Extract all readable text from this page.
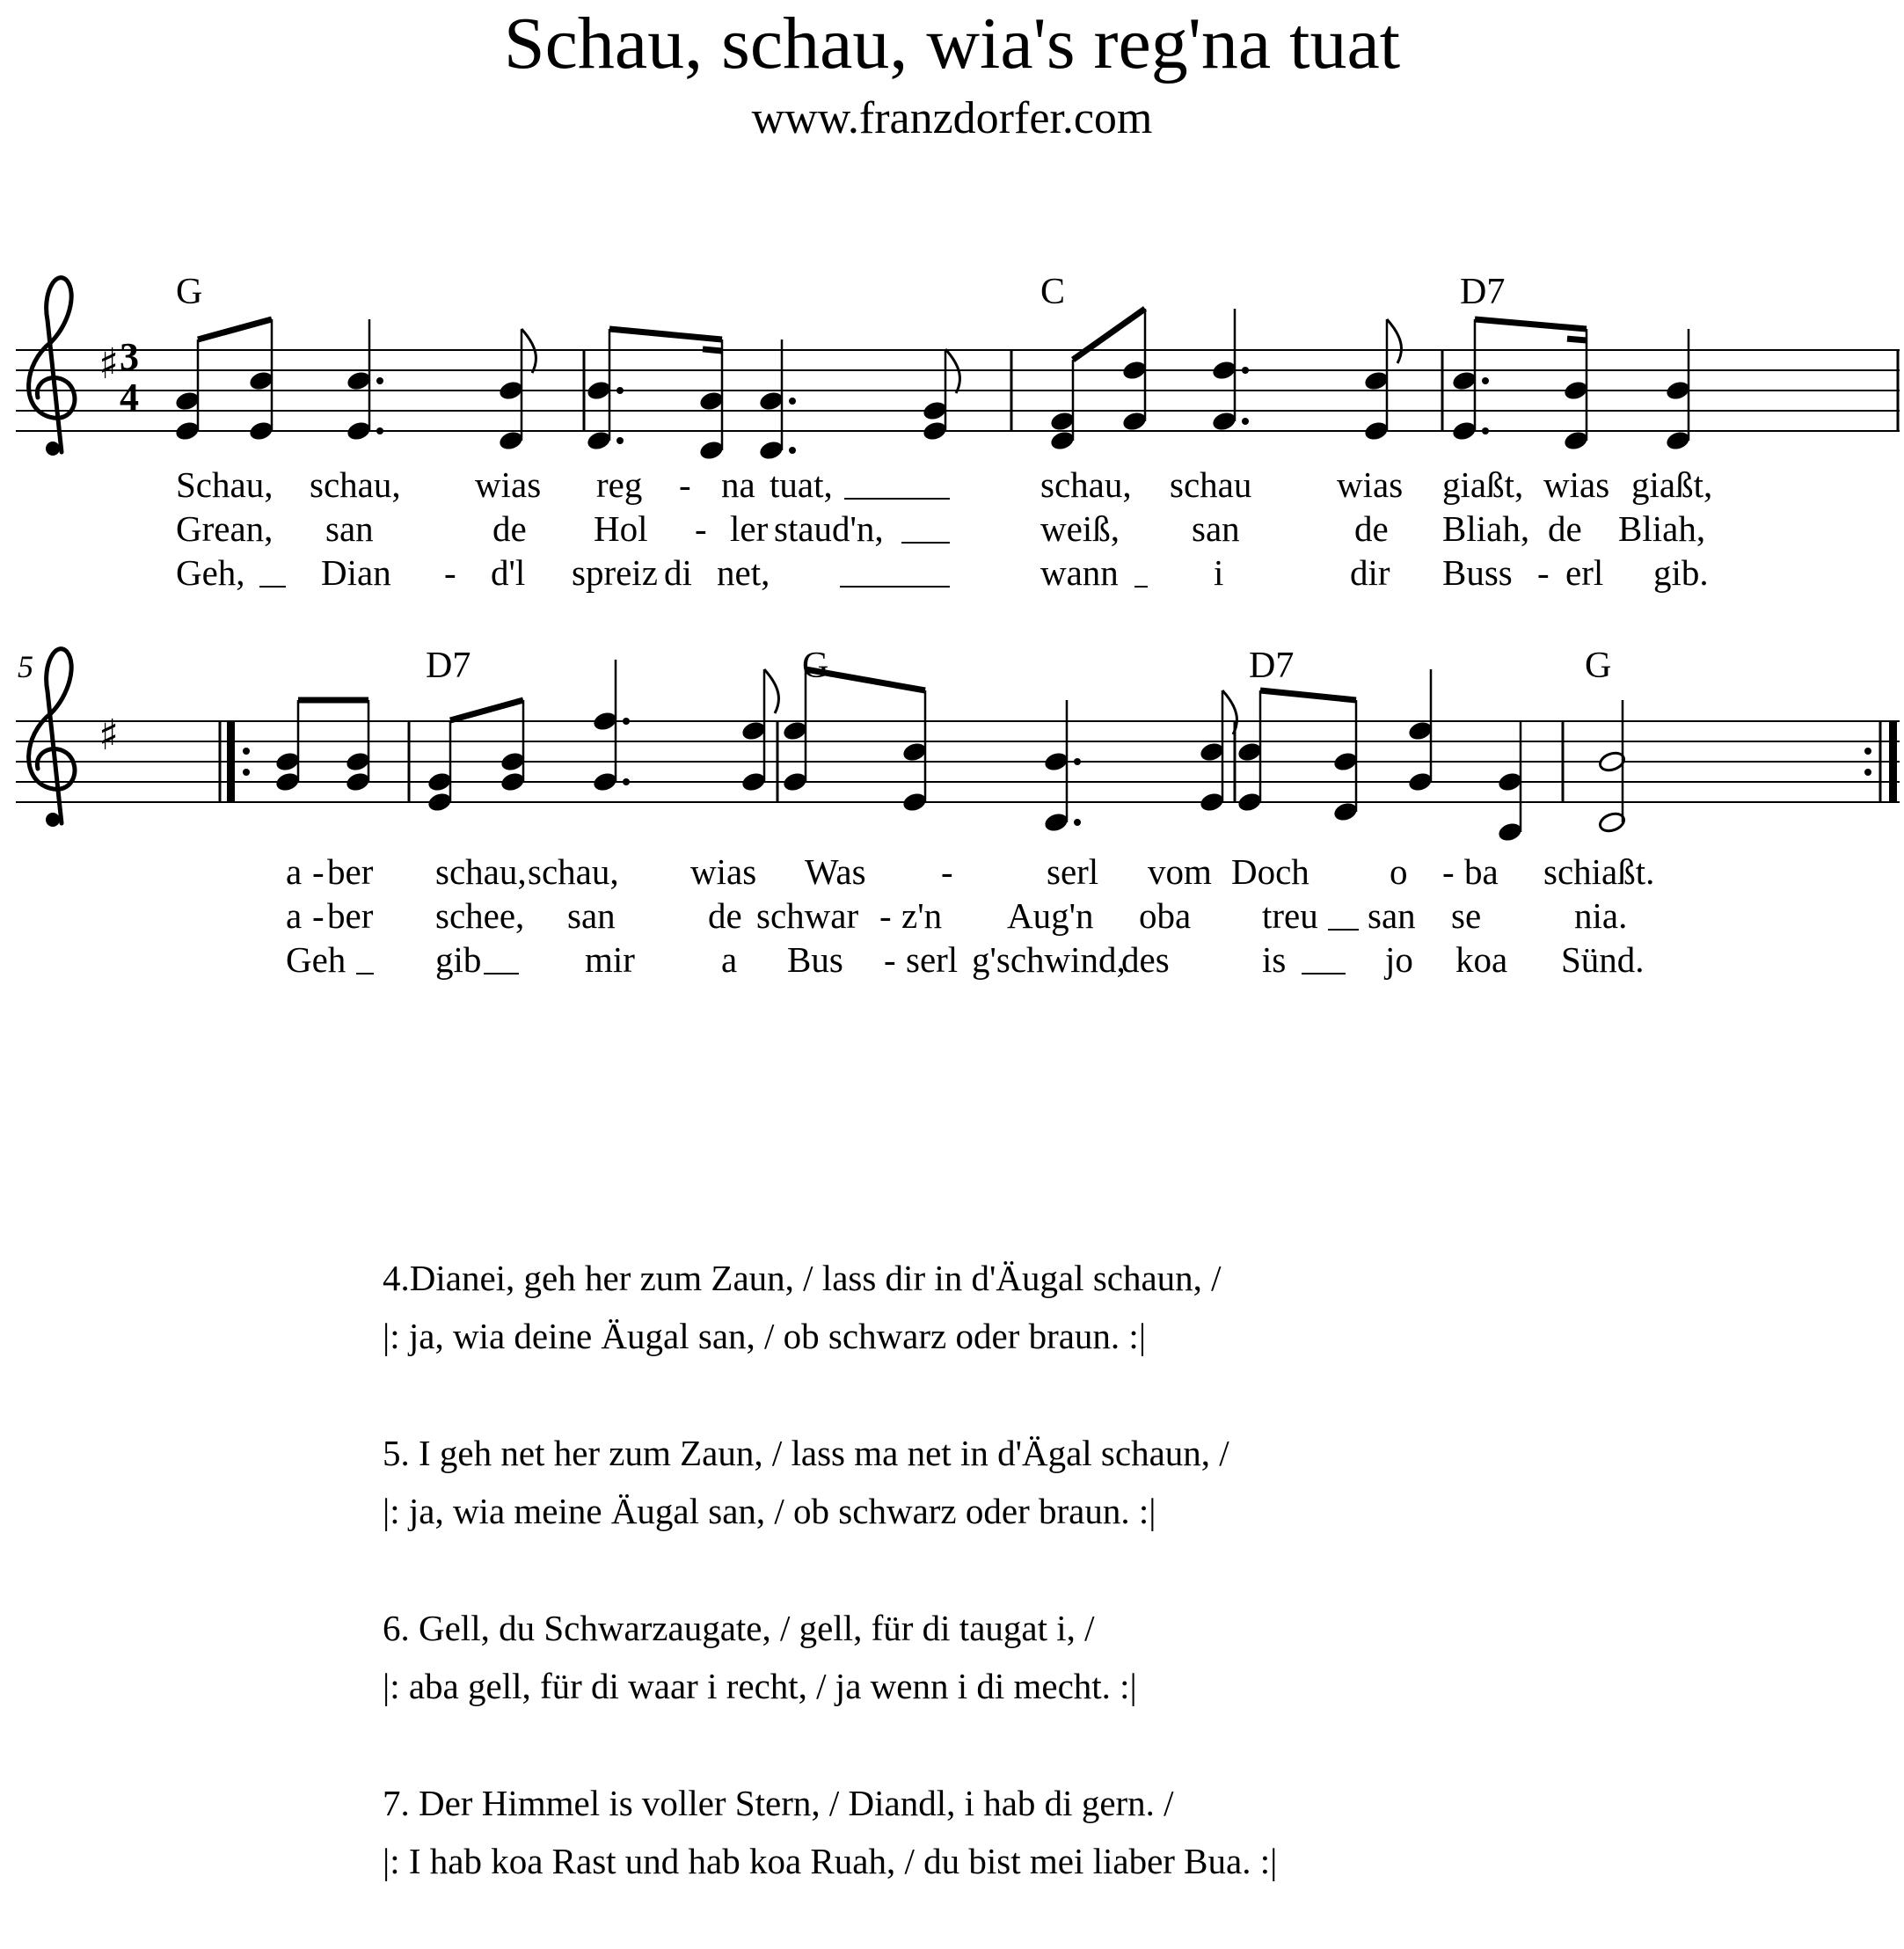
Schau, schau, wia's reg'na tuat
www.franzdorfer.com
♯ 3
4
G	C	D7
Schau, schau, wias reg - na tuat,	schau, schau wias giaßt, wias giaßt,
Grean, san	de Hol - ler staud'n,	weiß, san	de Bliah, de Bliah,
Geh, Dian - d'l spreiz di net,	wann	i	dir Buss - erl gib.
5
♯
D7	G	D7	G
a - ber schau, schau, wias Was -	serl vom Doch o - ba schiaßt.
a - ber schee, san	de schwar - z'n Aug'n oba treu san se	nia.
Geh gib	mir a Bus - serl g'schwind,
des	is	jo koa Sünd.
4.Dianei, geh her zum Zaun, / lass dir in d'Äugal schaun, /
|: ja, wia deine Äugal san, / ob schwarz oder braun. :|
5. I geh net her zum Zaun, / lass ma net in d'Ägal schaun, /
|: ja, wia meine Äugal san, / ob schwarz oder braun. :|
6. Gell, du Schwarzaugate, / gell, für di taugat i, /
|: aba gell, für di waar i recht, / ja wenn i di mecht. :|
7. Der Himmel is voller Stern, / Diandl, i hab di gern. /
|: I hab koa Rast und hab koa Ruah, / du bist mei liaber Bua. :|
